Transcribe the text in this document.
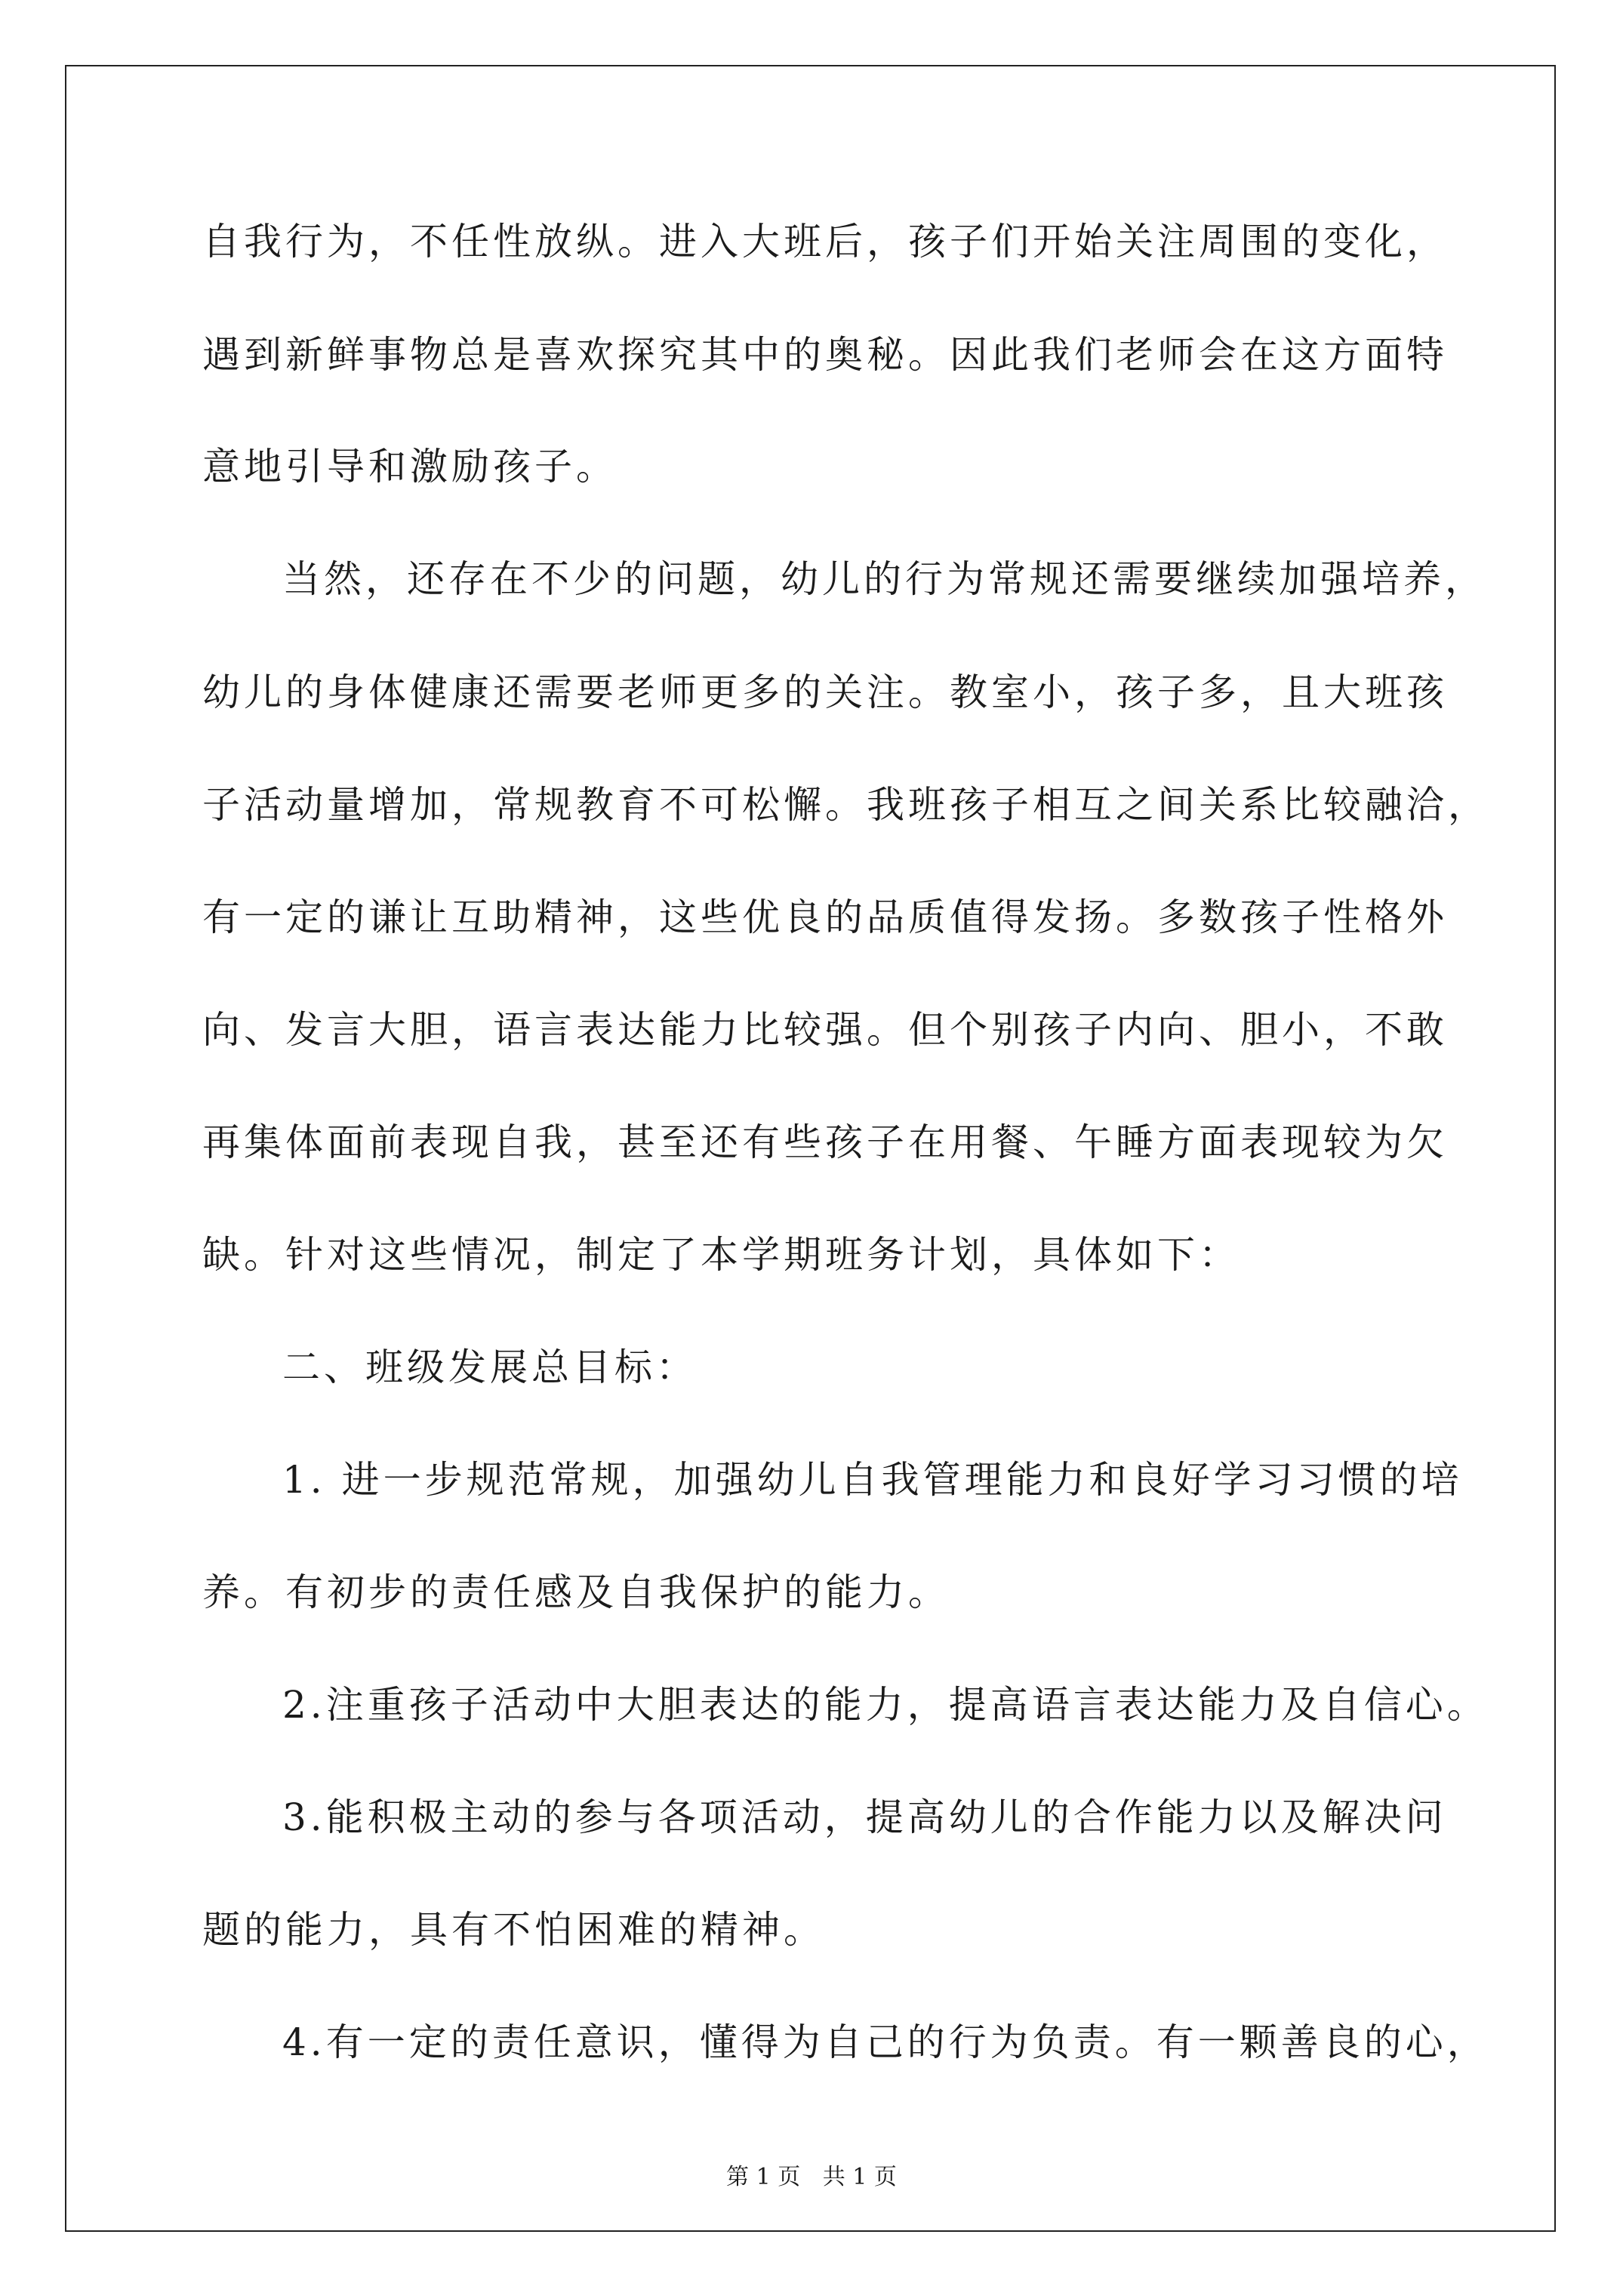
自我行为，不任性放纵。进入大班后，孩子们开始关注周围的变化，
遇到新鲜事物总是喜欢探究其中的奥秘。因此我们老师会在这方面特
意地引导和激励孩子。
当然，还存在不少的问题，幼儿的行为常规还需要继续加强培养，
幼儿的身体健康还需要老师更多的关注。教室小，孩子多，且大班孩
子活动量增加，常规教育不可松懈。我班孩子相互之间关系比较融洽，
有一定的谦让互助精神，这些优良的品质值得发扬。多数孩子性格外
向、发言大胆，语言表达能力比较强。但个别孩子内向、胆小，不敢
再集体面前表现自我，甚至还有些孩子在用餐、午睡方面表现较为欠
缺。针对这些情况，制定了本学期班务计划，具体如下：
二、班级发展总目标：
1. 进一步规范常规，加强幼儿自我管理能力和良好学习习惯的培
养。有初步的责任感及自我保护的能力。
2.注重孩子活动中大胆表达的能力，提高语言表达能力及自信心。
3.能积极主动的参与各项活动，提高幼儿的合作能力以及解决问
题的能力，具有不怕困难的精神。
4.有一定的责任意识，懂得为自己的行为负责。有一颗善良的心，
第 1 页 共 1 页
